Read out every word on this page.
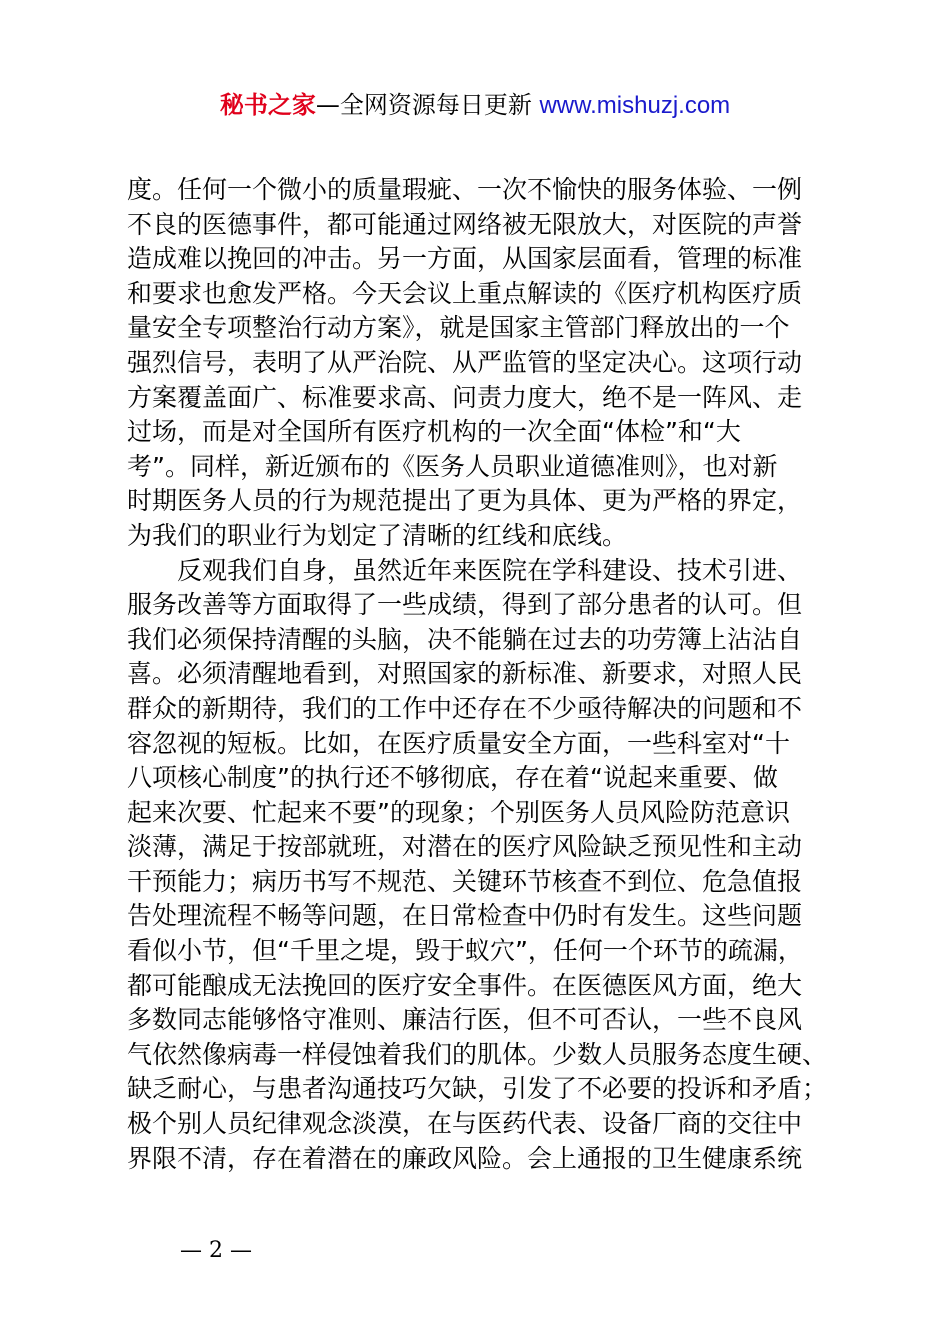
秘书之家—全网资源每日更新 www.mishuzj.com
度。任何一个微小的质量瑕疵、一次不愉快的服务体验、一例
不良的医德事件，都可能通过网络被无限放大，对医院的声誉
造成难以挽回的冲击。另一方面，从国家层面看，管理的标准
和要求也愈发严格。今天会议上重点解读的《医疗机构医疗质
量安全专项整治行动方案》，就是国家主管部门释放出的一个
强烈信号，表明了从严治院、从严监管的坚定决心。这项行动
方案覆盖面广、标准要求高、问责力度大，绝不是一阵风、走
过场，而是对全国所有医疗机构的一次全面“体检”和“大
考”。同样，新近颁布的《医务人员职业道德准则》，也对新
时期医务人员的行为规范提出了更为具体、更为严格的界定，
为我们的职业行为划定了清晰的红线和底线。
反观我们自身，虽然近年来医院在学科建设、技术引进、
服务改善等方面取得了一些成绩，得到了部分患者的认可。但
我们必须保持清醒的头脑，决不能躺在过去的功劳簿上沾沾自
喜。必须清醒地看到，对照国家的新标准、新要求，对照人民
群众的新期待，我们的工作中还存在不少亟待解决的问题和不
容忽视的短板。比如，在医疗质量安全方面，一些科室对“十
八项核心制度”的执行还不够彻底，存在着“说起来重要、做
起来次要、忙起来不要”的现象；个别医务人员风险防范意识
淡薄，满足于按部就班，对潜在的医疗风险缺乏预见性和主动
干预能力；病历书写不规范、关键环节核查不到位、危急值报
告处理流程不畅等问题，在日常检查中仍时有发生。这些问题
看似小节，但“千里之堤，毁于蚁穴”，任何一个环节的疏漏，
都可能酿成无法挽回的医疗安全事件。在医德医风方面，绝大
多数同志能够恪守准则、廉洁行医，但不可否认，一些不良风
气依然像病毒一样侵蚀着我们的肌体。少数人员服务态度生硬、
缺乏耐心，与患者沟通技巧欠缺，引发了不必要的投诉和矛盾；
极个别人员纪律观念淡漠，在与医药代表、设备厂商的交往中
界限不清，存在着潜在的廉政风险。会上通报的卫生健康系统
— 2 —
